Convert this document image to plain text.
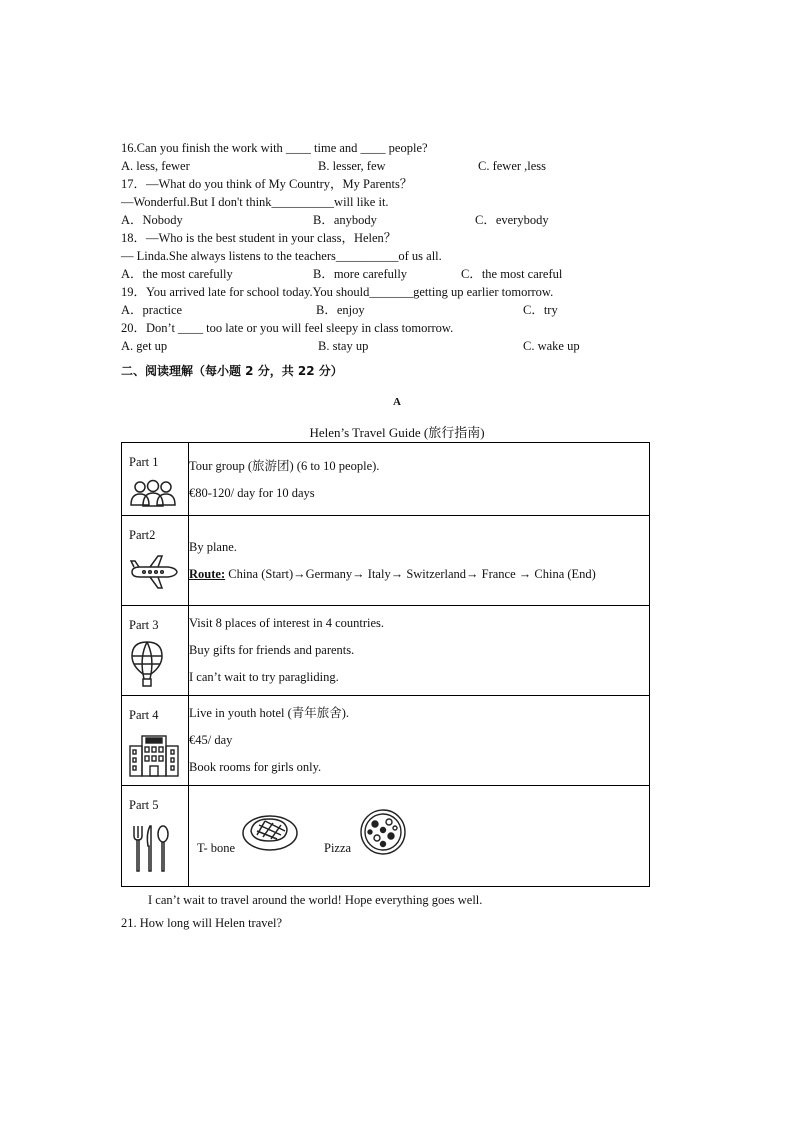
16.Can you finish the work with ____ time and ____ people?
A. less, fewer	B. lesser, few	C. fewer ,less
17．—What do you think of My Country，My Parents？
—Wonderful.But I don't think__________will like it.
A．Nobody	B．anybody	C．everybody
18．—Who is the best student in your class，Helen？
— Linda.She always listens to the teachers__________of us all.
A．the most carefully	B．more carefully	C．the most careful
19．You arrived late for school today.You should_______getting up earlier tomorrow.
A．practice	B．enjoy	C．try
20．Don’t ____ too late or you will feel sleepy in class tomorrow.
A. get up	B. stay up	C. wake up
二、阅读理解（每小题 2 分，共 22 分）
A
Helen’s Travel Guide (旅行指南)
Part 1	Tour group (旅游团) (6 to 10 people).

€80-120/ day for 10 days

Part2	By plane.

Route: China (Start)→Germany→ Italy→ Switzerland→ France → China (End)

Part 3	Visit 8 places of interest in 4 countries.

Buy gifts for friends and parents.

I can’t wait to try paragliding.

Part 4	Live in youth hotel (青年旅舍).

€45/ day

Book rooms for girls only.

Part 5	T- bone Pizza
I can’t wait to travel around the world! Hope everything goes well.
21. How long will Helen travel?
